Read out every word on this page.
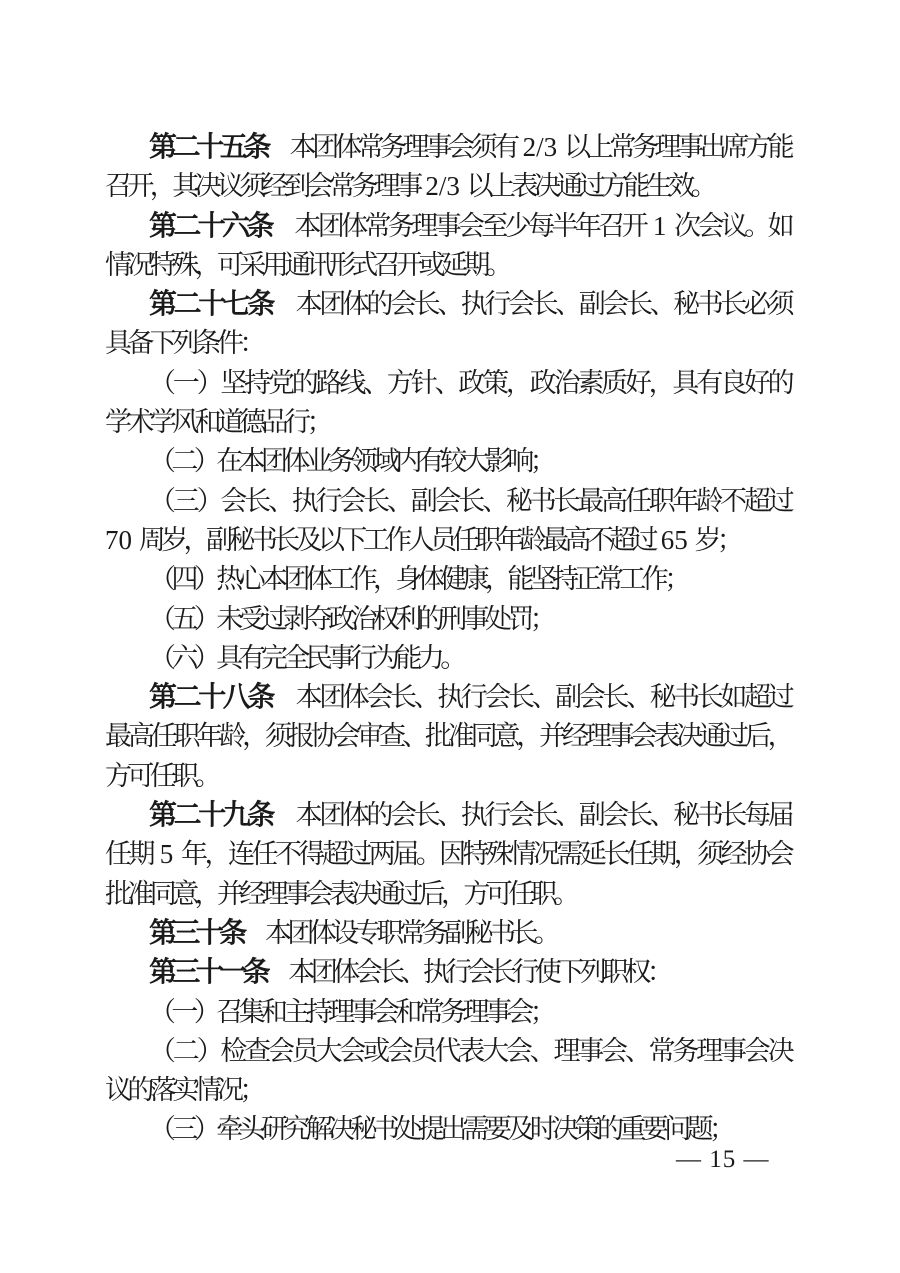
第二十五条　本团体常务理事会须有 2/3 以上常务理事出席方能
召开，其决议须经到会常务理事 2/3 以上表决通过方能生效。
第二十六条　本团体常务理事会至少每半年召开 1 次会议。如
情况特殊，可采用通讯形式召开或延期。
第二十七条　本团体的会长、执行会长、副会长、秘书长必须
具备下列条件：
（一）坚持党的路线、方针、政策，政治素质好，具有良好的
学术学风和道德品行；
（二）在本团体业务领域内有较大影响；
（三）会长、执行会长、副会长、秘书长最高任职年龄不超过
70 周岁，副秘书长及以下工作人员任职年龄最高不超过 65 岁；
（四）热心本团体工作，身体健康，能坚持正常工作；
（五）未受过剥夺政治权利的刑事处罚；
（六）具有完全民事行为能力。
第二十八条　本团体会长、执行会长、副会长、秘书长如超过
最高任职年龄，须报协会审查、批准同意，并经理事会表决通过后，
方可任职。
第二十九条　本团体的会长、执行会长、副会长、秘书长每届
任期 5 年，连任不得超过两届。因特殊情况需延长任期，须经协会
批准同意，并经理事会表决通过后，方可任职。
第三十条　本团体设专职常务副秘书长。
第三十一条　本团体会长、执行会长行使下列职权：
（一）召集和主持理事会和常务理事会；
（二）检查会员大会或会员代表大会、理事会、常务理事会决
议的落实情况；
（三）牵头研究解决秘书处提出需要及时决策的重要问题；
— 15 —
